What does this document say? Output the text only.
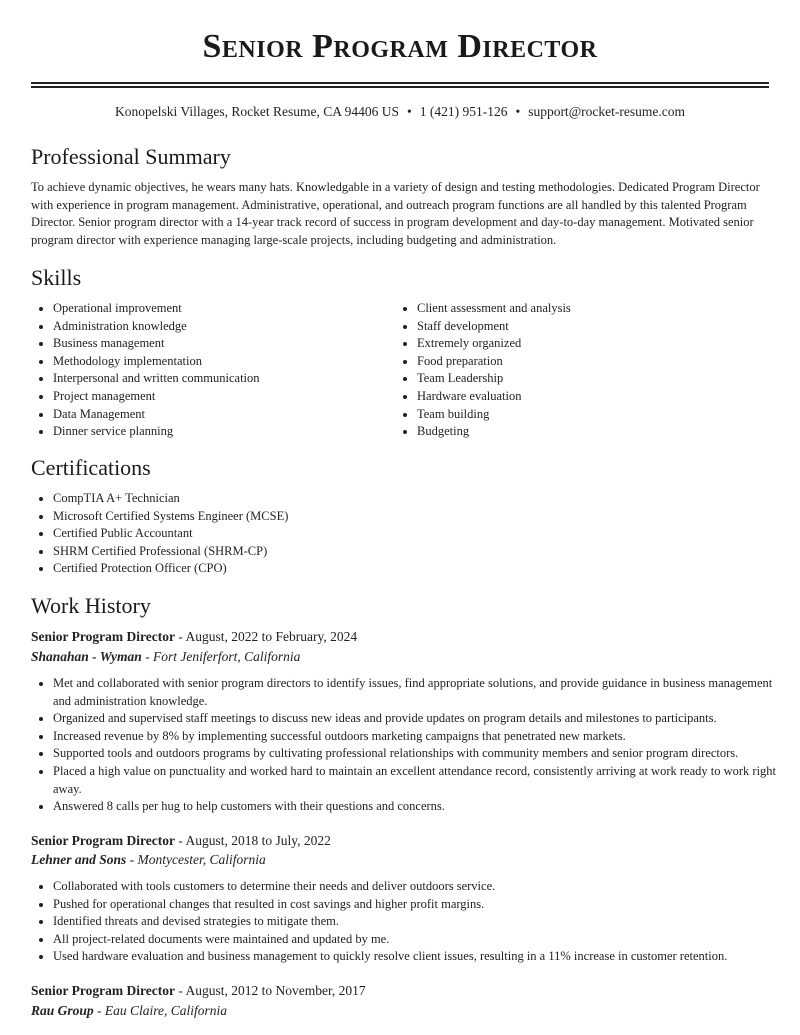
Senior Program Director
Konopelski Villages, Rocket Resume, CA 94406 US • 1 (421) 951-126 • support@rocket-resume.com
Professional Summary

To achieve dynamic objectives, he wears many hats. Knowledgable in a variety of design and testing methodologies. Dedicated Program Director with experience in program management. Administrative, operational, and outreach program functions are all handled by this talented Program Director. Senior program director with a 14-year track record of success in program development and day-to-day management. Motivated senior program director with experience managing large-scale projects, including budgeting and administration.

Skills
• Operational improvement
• Administration knowledge
• Business management
• Methodology implementation
• Interpersonal and written communication
• Project management
• Data Management
• Dinner service planning
• Client assessment and analysis
• Staff development
• Extremely organized
• Food preparation
• Team Leadership
• Hardware evaluation
• Team building
• Budgeting
Certifications
• CompTIA A+ Technician
• Microsoft Certified Systems Engineer (MCSE)
• Certified Public Accountant
• SHRM Certified Professional (SHRM-CP)
• Certified Protection Officer (CPO)
Work History
Senior Program Director - August, 2022 to February, 2024
Shanahan - Wyman - Fort Jeniferfort, California
• Met and collaborated with senior program directors to identify issues, find appropriate solutions, and provide guidance in business management and administration knowledge.
• Organized and supervised staff meetings to discuss new ideas and provide updates on program details and milestones to participants.
• Increased revenue by 8% by implementing successful outdoors marketing campaigns that penetrated new markets.
• Supported tools and outdoors programs by cultivating professional relationships with community members and senior program directors.
• Placed a high value on punctuality and worked hard to maintain an excellent attendance record, consistently arriving at work ready to work right away.
• Answered 8 calls per hug to help customers with their questions and concerns.
Senior Program Director - August, 2018 to July, 2022
Lehner and Sons - Montycester, California
• Collaborated with tools customers to determine their needs and deliver outdoors service.
• Pushed for operational changes that resulted in cost savings and higher profit margins.
• Identified threats and devised strategies to mitigate them.
• All project-related documents were maintained and updated by me.
• Used hardware evaluation and business management to quickly resolve client issues, resulting in a 11% increase in customer retention.
Senior Program Director - August, 2012 to November, 2017
Rau Group - Eau Claire, California
